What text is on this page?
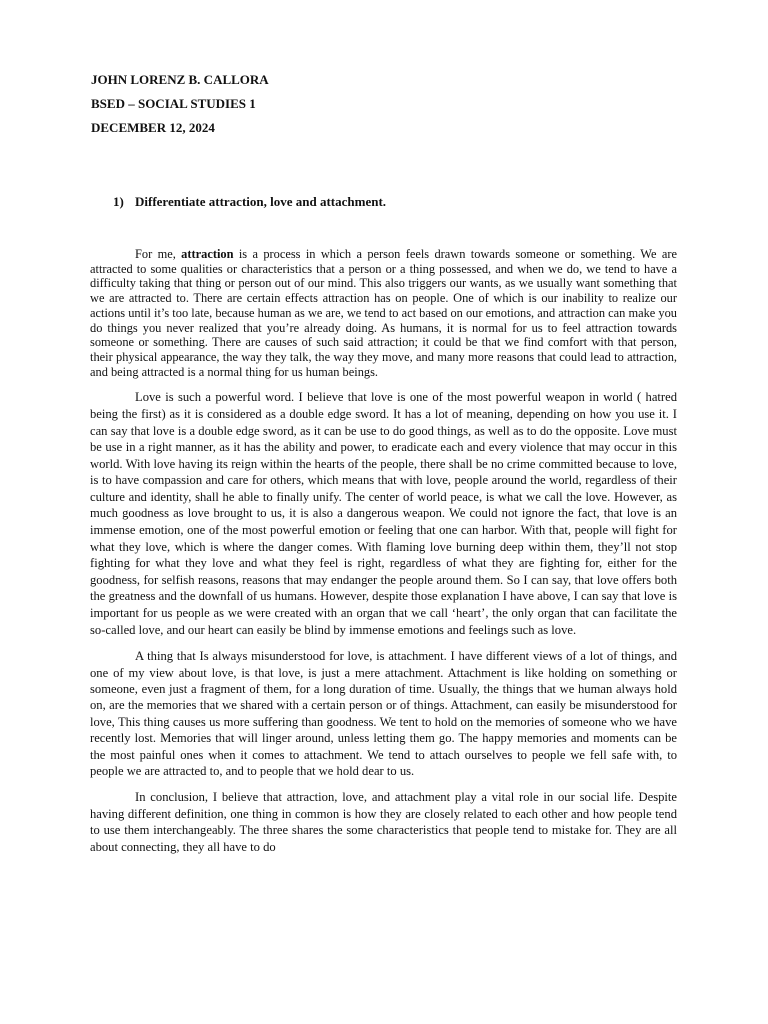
JOHN LORENZ B. CALLORA
BSED – SOCIAL STUDIES 1
DECEMBER 12, 2024
1) Differentiate attraction, love and attachment.

For me, attraction is a process in which a person feels drawn towards someone or something. We are attracted to some qualities or characteristics that a person or a thing possessed, and when we do, we tend to have a difficulty taking that thing or person out of our mind. This also triggers our wants, as we usually want something that we are attracted to. There are certain effects attraction has on people. One of which is our inability to realize our actions until it’s too late, because human as we are, we tend to act based on our emotions, and attraction can make you do things you never realized that you’re already doing. As humans, it is normal for us to feel attraction towards someone or something. There are causes of such said attraction; it could be that we find comfort with that person, their physical appearance, the way they talk, the way they move, and many more reasons that could lead to attraction, and being attracted is a normal thing for us human beings.

Love is such a powerful word. I believe that love is one of the most powerful weapon in world ( hatred being the first) as it is considered as a double edge sword. It has a lot of meaning, depending on how you use it. I can say that love is a double edge sword, as it can be use to do good things, as well as to do the opposite. Love must be use in a right manner, as it has the ability and power, to eradicate each and every violence that may occur in this world. With love having its reign within the hearts of the people, there shall be no crime committed because to love, is to have compassion and care for others, which means that with love, people around the world, regardless of their culture and identity, shall he able to finally unify. The center of world peace, is what we call the love. However, as much goodness as love brought to us, it is also a dangerous weapon. We could not ignore the fact, that love is an immense emotion, one of the most powerful emotion or feeling that one can harbor. With that, people will fight for what they love, which is where the danger comes. With flaming love burning deep within them, they’ll not stop fighting for what they love and what they feel is right, regardless of what they are fighting for, either for the goodness, for selfish reasons, reasons that may endanger the people around them. So I can say, that love offers both the greatness and the downfall of us humans. However, despite those explanation I have above, I can say that love is important for us people as we were created with an organ that we call ‘heart’, the only organ that can facilitate the so-called love, and our heart can easily be blind by immense emotions and feelings such as love.

A thing that Is always misunderstood for love, is attachment. I have different views of a lot of things, and one of my view about love, is that love, is just a mere attachment. Attachment is like holding on something or someone, even just a fragment of them, for a long duration of time. Usually, the things that we human always hold on, are the memories that we shared with a certain person or of things. Attachment, can easily be misunderstood for love, This thing causes us more suffering than goodness. We tent to hold on the memories of someone who we have recently lost. Memories that will linger around, unless letting them go. The happy memories and moments can be the most painful ones when it comes to attachment. We tend to attach ourselves to people we fell safe with, to people we are attracted to, and to people that we hold dear to us.

In conclusion, I believe that attraction, love, and attachment play a vital role in our social life. Despite having different definition, one thing in common is how they are closely related to each other and how people tend to use them interchangeably. The three shares the some characteristics that people tend to mistake for. They are all about connecting, they all have to do
